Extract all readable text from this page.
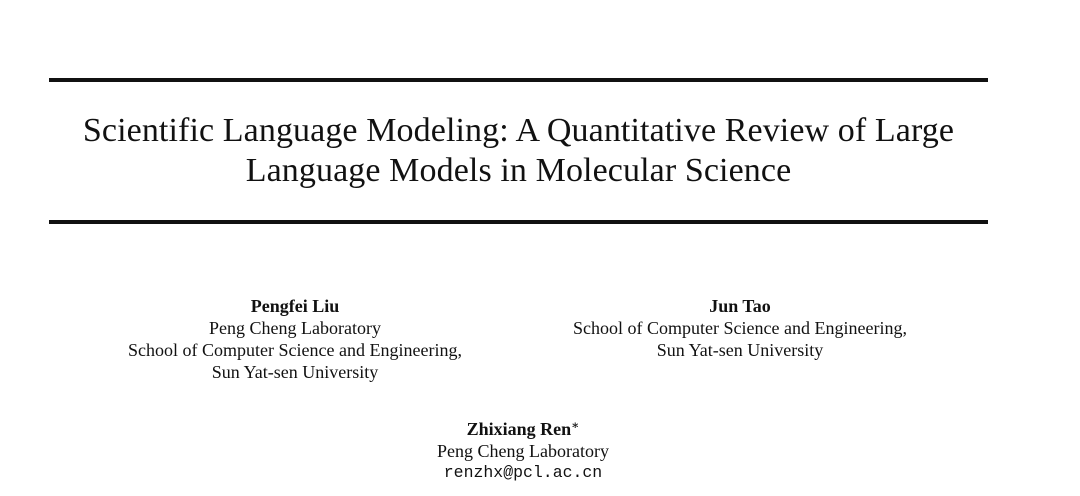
Scientific Language Modeling: A Quantitative Review of Large
Language Models in Molecular Science
Pengfei Liu
Peng Cheng Laboratory
School of Computer Science and Engineering,
Sun Yat-sen University
Jun Tao
School of Computer Science and Engineering,
Sun Yat-sen University
Zhixiang Ren∗
Peng Cheng Laboratory
renzhx@pcl.ac.cn
